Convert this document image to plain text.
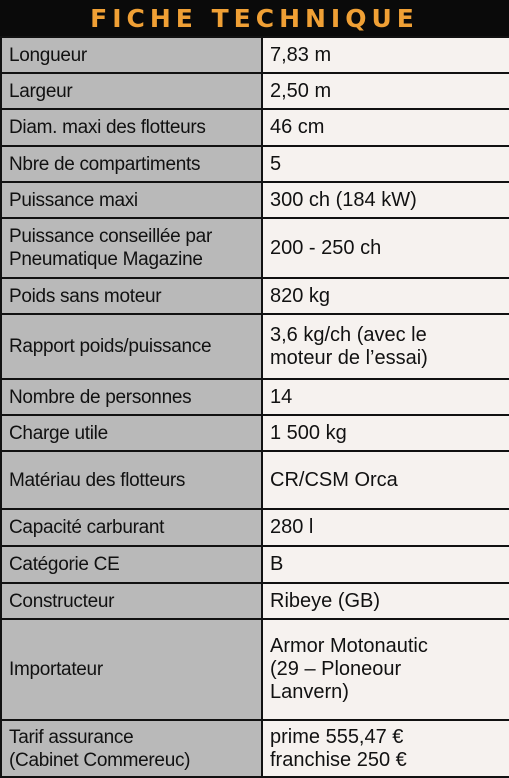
FICHE TECHNIQUE
Longueur	7,83 m
Largeur	2,50 m
Diam. maxi des flotteurs	46 cm
Nbre de compartiments	5
Puissance maxi	300 ch (184 kW)
Puissance conseillée par
Pneumatique Magazine	200 - 250 ch
Poids sans moteur	820 kg
Rapport poids/puissance	3,6 kg/ch (avec le
moteur de l’essai)
Nombre de personnes	14
Charge utile	1 500 kg
Matériau des flotteurs	CR/CSM Orca
Capacité carburant	280 l
Catégorie CE	B
Constructeur	Ribeye (GB)
Importateur	Armor Motonautic
(29 – Ploneour
Lanvern)
Tarif assurance
(Cabinet Commereuc)	prime 555,47 €
franchise 250 €
